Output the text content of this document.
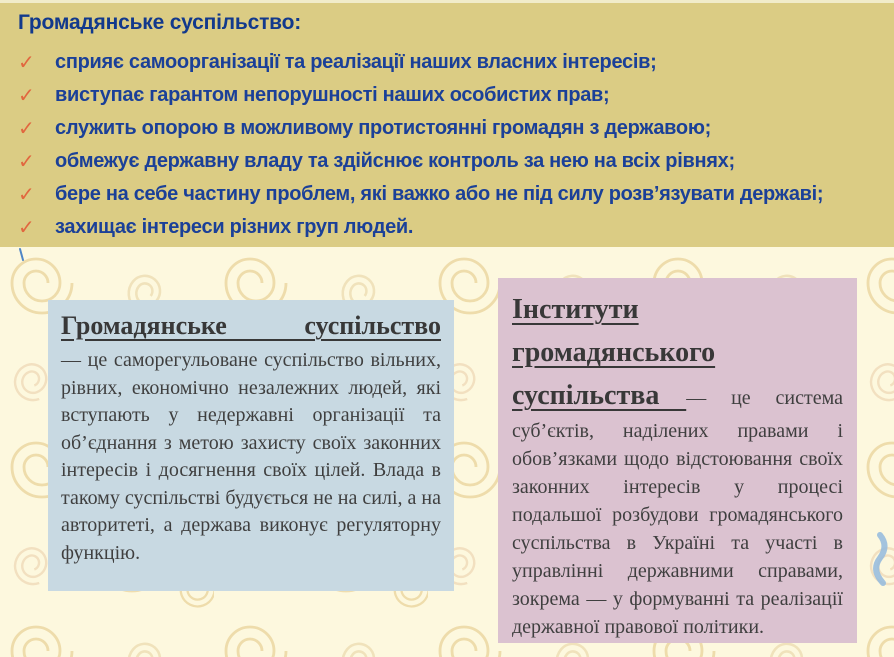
Громадянське суспільство:
✓ сприяє самоорганізації та реалізації наших власних інтересів;
✓ виступає гарантом непорушності наших особистих прав;
✓ служить опорою в можливому протистоянні громадян з державою;
✓ обмежує державну владу та здійснює контроль за нею на всіх рівнях;
✓ бере на себе частину проблем, які важко або не під силу розв’язувати державі;
✓ захищає інтереси різних груп людей.
Громадянське суспільство

— це саморегульоване суспільство вільних, рівних, економічно незалежних людей, які вступають у недержавні організації та об’єднання з метою захисту своїх законних інтересів і досягнення своїх цілей. Влада в такому суспільстві будується не на силі, а на авторитеті, а держава виконує регуляторну функцію.

Інститути громадянського суспільства — це система суб’єктів, наділених правами і обов’язками щодо відстоювання своїх законних інтересів у процесі подальшої розбудови громадянського суспільства в Україні та участі в управлінні державними справами, зокрема — у формуванні та реалізації державної правової політики.
